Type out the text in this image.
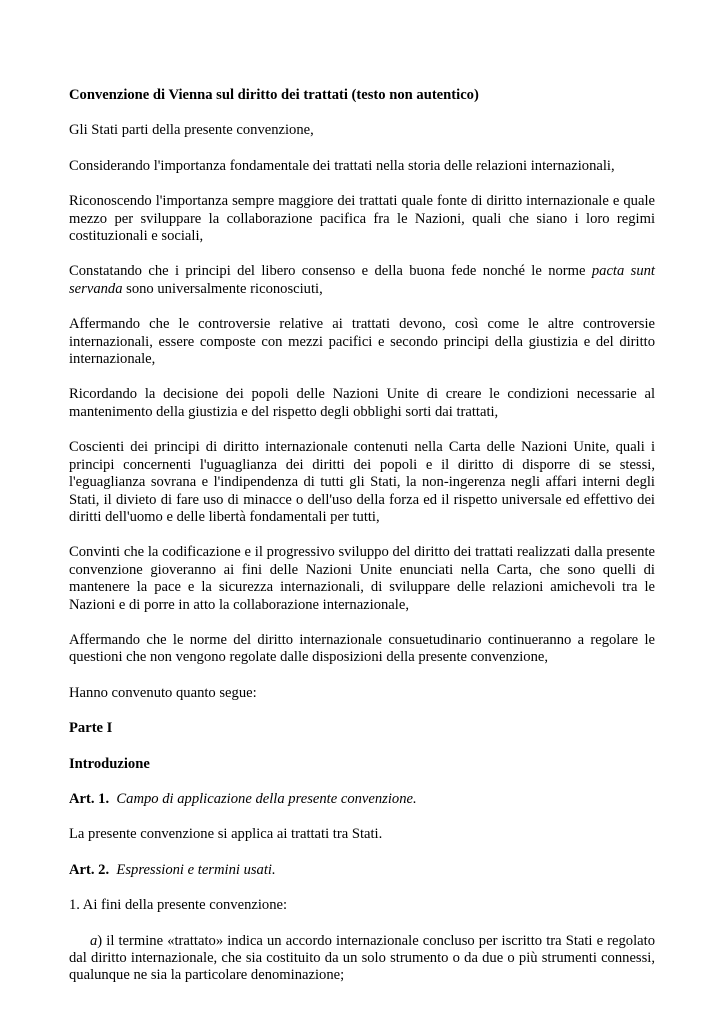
Convenzione di Vienna sul diritto dei trattati (testo non autentico)

Gli Stati parti della presente convenzione,

Considerando l'importanza fondamentale dei trattati nella storia delle relazioni internazionali,

Riconoscendo l'importanza sempre maggiore dei trattati quale fonte di diritto internazionale e quale mezzo per sviluppare la collaborazione pacifica fra le Nazioni, quali che siano i loro regimi costituzionali e sociali,

Constatando che i principi del libero consenso e della buona fede nonché le norme pacta sunt servanda sono universalmente riconosciuti,

Affermando che le controversie relative ai trattati devono, così come le altre controversie internazionali, essere composte con mezzi pacifici e secondo principi della giustizia e del diritto internazionale,

Ricordando la decisione dei popoli delle Nazioni Unite di creare le condizioni necessarie al mantenimento della giustizia e del rispetto degli obblighi sorti dai trattati,

Coscienti dei principi di diritto internazionale contenuti nella Carta delle Nazioni Unite, quali i principi concernenti l'uguaglianza dei diritti dei popoli e il diritto di disporre di se stessi, l'eguaglianza sovrana e l'indipendenza di tutti gli Stati, la non-ingerenza negli affari interni degli Stati, il divieto di fare uso di minacce o dell'uso della forza ed il rispetto universale ed effettivo dei diritti dell'uomo e delle libertà fondamentali per tutti,

Convinti che la codificazione e il progressivo sviluppo del diritto dei trattati realizzati dalla presente convenzione gioveranno ai fini delle Nazioni Unite enunciati nella Carta, che sono quelli di mantenere la pace e la sicurezza internazionali, di sviluppare delle relazioni amichevoli tra le Nazioni e di porre in atto la collaborazione internazionale,

Affermando che le norme del diritto internazionale consuetudinario continueranno a regolare le questioni che non vengono regolate dalle disposizioni della presente convenzione,

Hanno convenuto quanto segue:

Parte I

Introduzione

Art. 1. Campo di applicazione della presente convenzione.

La presente convenzione si applica ai trattati tra Stati.

Art. 2. Espressioni e termini usati.

1. Ai fini della presente convenzione:

a) il termine «trattato» indica un accordo internazionale concluso per iscritto tra Stati e regolato dal diritto internazionale, che sia costituito da un solo strumento o da due o più strumenti connessi, qualunque ne sia la particolare denominazione;
